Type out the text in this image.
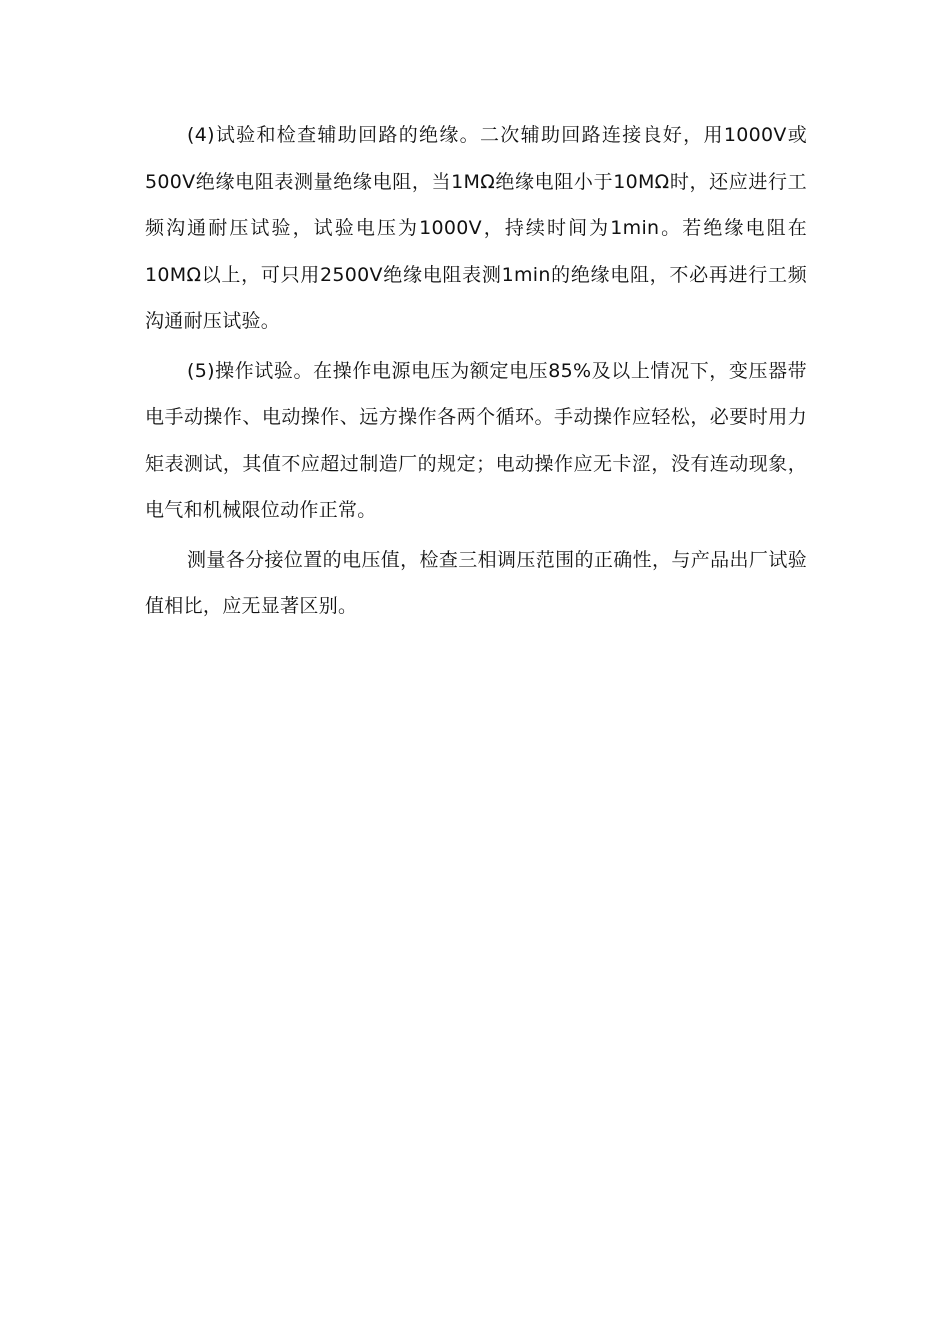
(4)试验和检查辅助回路的绝缘。二次辅助回路连接良好，用1000V或500V绝缘电阻表测量绝缘电阻，当1MΩ绝缘电阻小于10MΩ时，还应进行工频沟通耐压试验，试验电压为1000V，持续时间为1min。若绝缘电阻在10MΩ以上，可只用2500V绝缘电阻表测1min的绝缘电阻，不必再进行工频沟通耐压试验。

(5)操作试验。在操作电源电压为额定电压85%及以上情况下，变压器带电手动操作、电动操作、远方操作各两个循环。手动操作应轻松，必要时用力矩表测试，其值不应超过制造厂的规定；电动操作应无卡涩，没有连动现象，电气和机械限位动作正常。

测量各分接位置的电压值，检查三相调压范围的正确性，与产品出厂试验值相比，应无显著区别。
